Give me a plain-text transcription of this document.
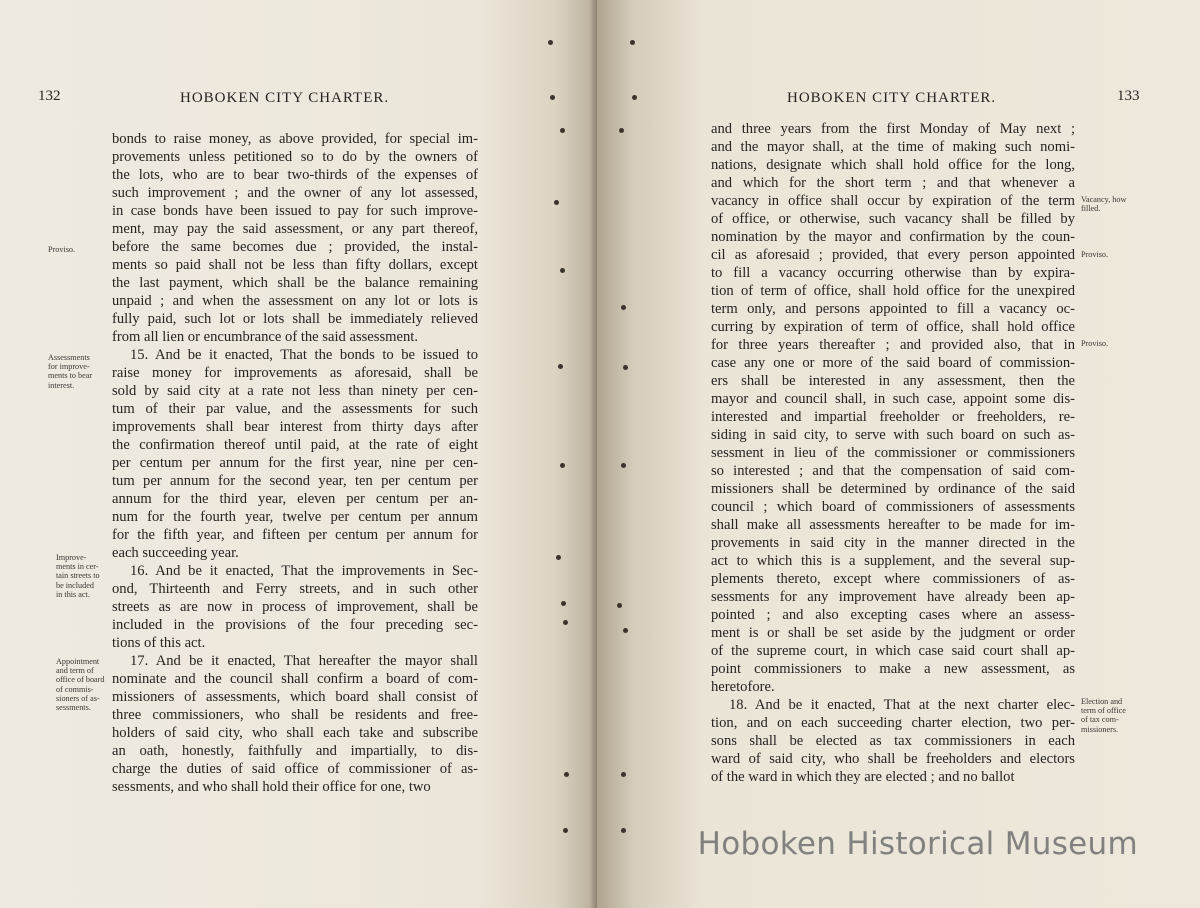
132	HOBOKEN CITY CHARTER.
bonds to raise money, as above provided, for special im-
provements unless petitioned so to do by the owners of
the lots, who are to bear two-thirds of the expenses of
such improvement ; and the owner of any lot assessed,
in case bonds have been issued to pay for such improve-
ment, may pay the said assessment, or any part thereof,
before the same becomes due ; provided, the instal-
ments so paid shall not be less than fifty dollars, except
the last payment, which shall be the balance remaining
unpaid ; and when the assessment on any lot or lots is
fully paid, such lot or lots shall be immediately relieved
from all lien or encumbrance of the said assessment.
15. And be it enacted, That the bonds to be issued to
raise money for improvements as aforesaid, shall be
sold by said city at a rate not less than ninety per cen-
tum of their par value, and the assessments for such
improvements shall bear interest from thirty days after
the confirmation thereof until paid, at the rate of eight
per centum per annum for the first year, nine per cen-
tum per annum for the second year, ten per centum per
annum for the third year, eleven per centum per an-
num for the fourth year, twelve per centum per annum
for the fifth year, and fifteen per centum per annum for
each succeeding year.
16. And be it enacted, That the improvements in Sec-
ond, Thirteenth and Ferry streets, and in such other
streets as are now in process of improvement, shall be
included in the provisions of the four preceding sec-
tions of this act.
17. And be it enacted, That hereafter the mayor shall
nominate and the council shall confirm a board of com-
missioners of assessments, which board shall consist of
three commissioners, who shall be residents and free-
holders of said city, who shall each take and subscribe
an oath, honestly, faithfully and impartially, to dis-
charge the duties of said office of commissioner of as-
sessments, and who shall hold their office for one, two
Proviso.
Assessments
for improve-
ments to bear
interest.
Improve-
ments in cer-
tain streets to
be included
in this act.
Appointment
and term of
office of board
of commis-
sioners of as-
sessments.
HOBOKEN CITY CHARTER.	133
and three years from the first Monday of May next ;
and the mayor shall, at the time of making such nomi-
nations, designate which shall hold office for the long,
and which for the short term ; and that whenever a
vacancy in office shall occur by expiration of the term
of office, or otherwise, such vacancy shall be filled by
nomination by the mayor and confirmation by the coun-
cil as aforesaid ; provided, that every person appointed
to fill a vacancy occurring otherwise than by expira-
tion of term of office, shall hold office for the unexpired
term only, and persons appointed to fill a vacancy oc-
curring by expiration of term of office, shall hold office
for three years thereafter ; and provided also, that in
case any one or more of the said board of commission-
ers shall be interested in any assessment, then the
mayor and council shall, in such case, appoint some dis-
interested and impartial freeholder or freeholders, re-
siding in said city, to serve with such board on such as-
sessment in lieu of the commissioner or commissioners
so interested ; and that the compensation of said com-
missioners shall be determined by ordinance of the said
council ; which board of commissioners of assessments
shall make all assessments hereafter to be made for im-
provements in said city in the manner directed in the
act to which this is a supplement, and the several sup-
plements thereto, except where commissioners of as-
sessments for any improvement have already been ap-
pointed ; and also excepting cases where an assess-
ment is or shall be set aside by the judgment or order
of the supreme court, in which case said court shall ap-
point commissioners to make a new assessment, as
heretofore.
18. And be it enacted, That at the next charter elec-
tion, and on each succeeding charter election, two per-
sons shall be elected as tax commissioners in each
ward of said city, who shall be freeholders and electors
of the ward in which they are elected ; and no ballot
Vacancy, how
filled.
Proviso.
Proviso.
Election and
term of office
of tax com-
missioners.
Hoboken Historical Museum
